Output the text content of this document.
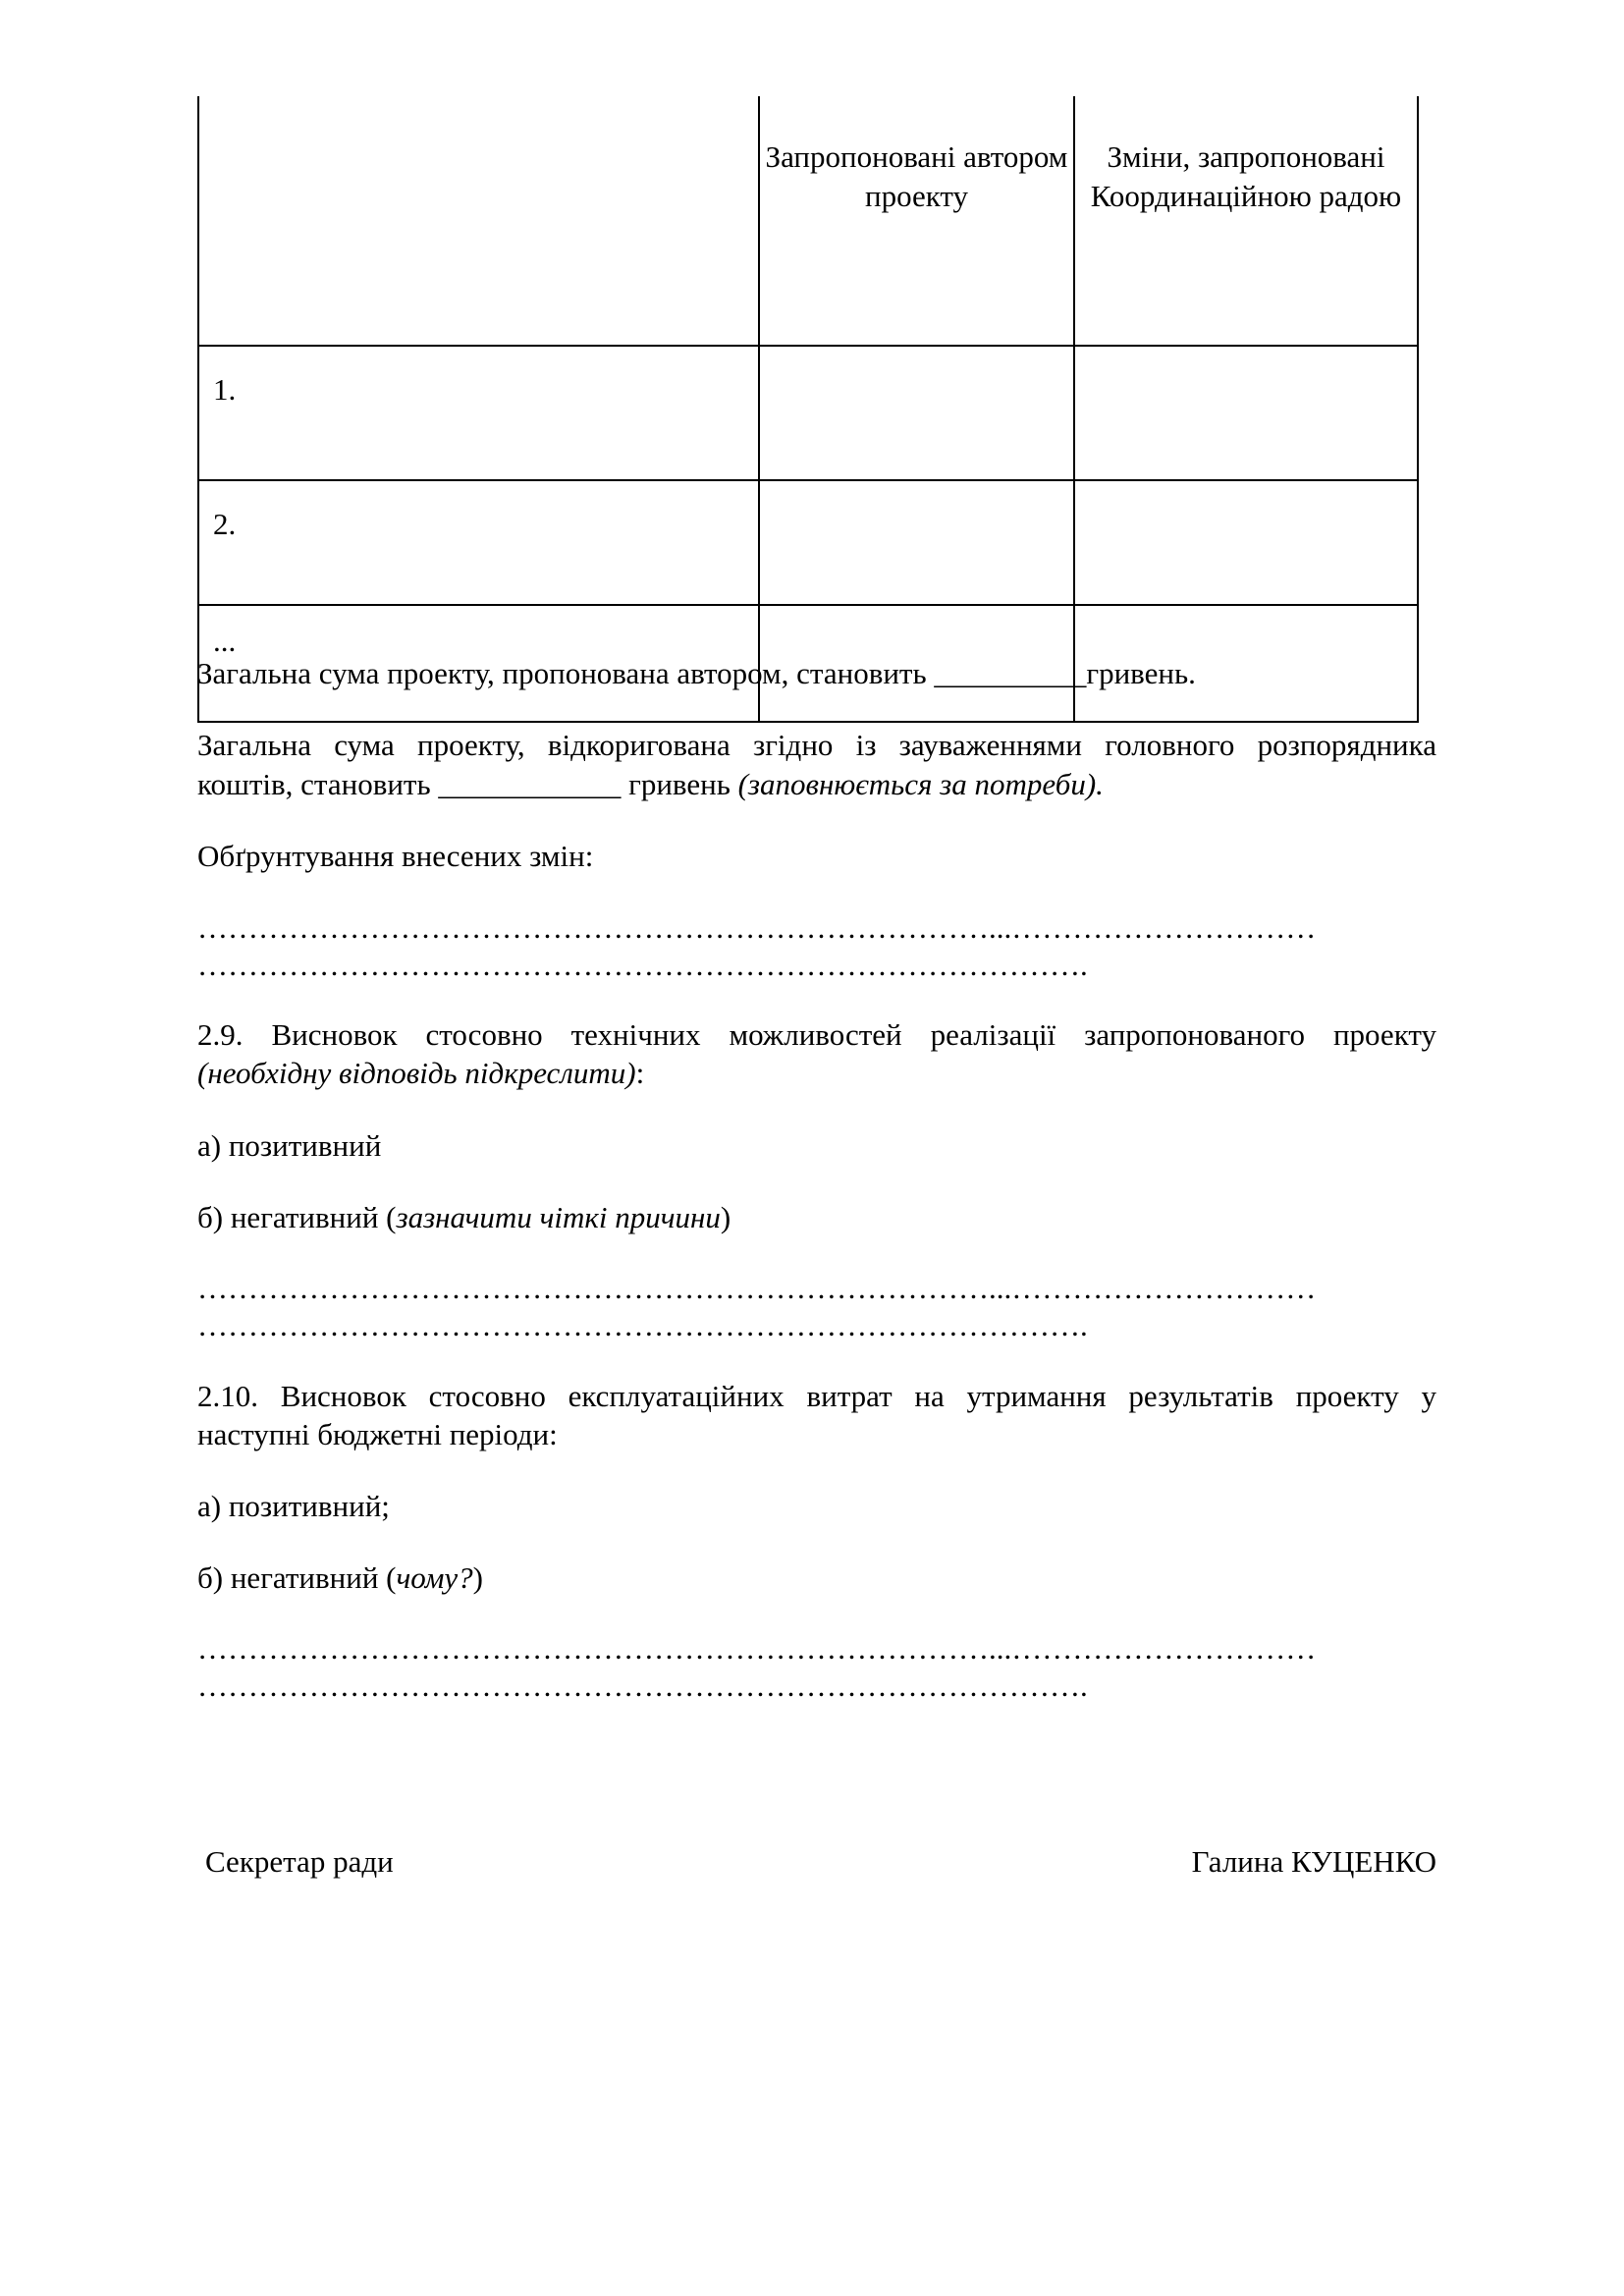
	Запропоновані автором проекту	Зміни, запропоновані Координаційною радою
1.		
2.		
...		

Загальна сума проекту, пропонована автором, становить __________гривень.

Загальна сума проекту, відкоригована згідно із зауваженнями головного розпорядника

коштів, становить ____________ гривень (заповнюється за потреби).

Обґрунтування внесених змін:

……………………………………………………………………...…………………………

…………………………………………………………………………….

2.9. Висновок стосовно технічних можливостей реалізації запропонованого проекту

(необхідну відповідь підкреслити):

а) позитивний

б) негативний (зазначити чіткі причини)

……………………………………………………………………...…………………………

…………………………………………………………………………….

2.10. Висновок стосовно експлуатаційних витрат на утримання результатів проекту у

наступні бюджетні періоди:

а) позитивний;

б) негативний (чому?)

……………………………………………………………………...…………………………

…………………………………………………………………………….

Секретар ради	Галина КУЦЕНКО
